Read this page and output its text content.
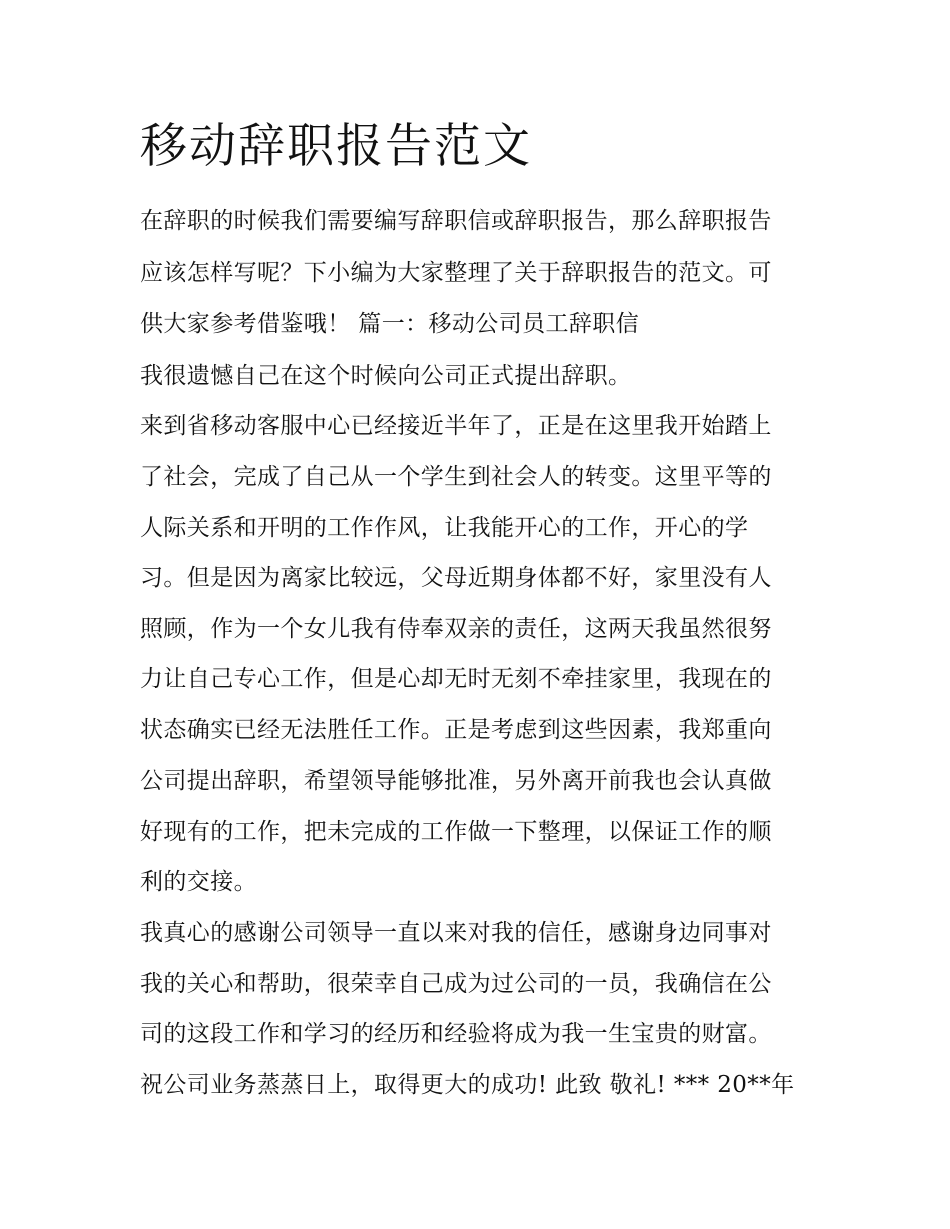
移动辞职报告范文

在辞职的时候我们需要编写辞职信或辞职报告，那么辞职报告

应该怎样写呢？下小编为大家整理了关于辞职报告的范文。可

供大家参考借鉴哦！ 篇一：移动公司员工辞职信

我很遗憾自己在这个时候向公司正式提出辞职。

来到省移动客服中心已经接近半年了，正是在这里我开始踏上

了社会，完成了自己从一个学生到社会人的转变。这里平等的

人际关系和开明的工作作风，让我能开心的工作，开心的学

习。但是因为离家比较远，父母近期身体都不好，家里没有人

照顾，作为一个女儿我有侍奉双亲的责任，这两天我虽然很努

力让自己专心工作，但是心却无时无刻不牵挂家里，我现在的

状态确实已经无法胜任工作。正是考虑到这些因素，我郑重向

公司提出辞职，希望领导能够批准，另外离开前我也会认真做

好现有的工作，把未完成的工作做一下整理，以保证工作的顺

利的交接。

我真心的感谢公司领导一直以来对我的信任，感谢身边同事对

我的关心和帮助，很荣幸自己成为过公司的一员，我确信在公

司的这段工作和学习的经历和经验将成为我一生宝贵的财富。

祝公司业务蒸蒸日上，取得更大的成功! 此致 敬礼! *** 20**年
